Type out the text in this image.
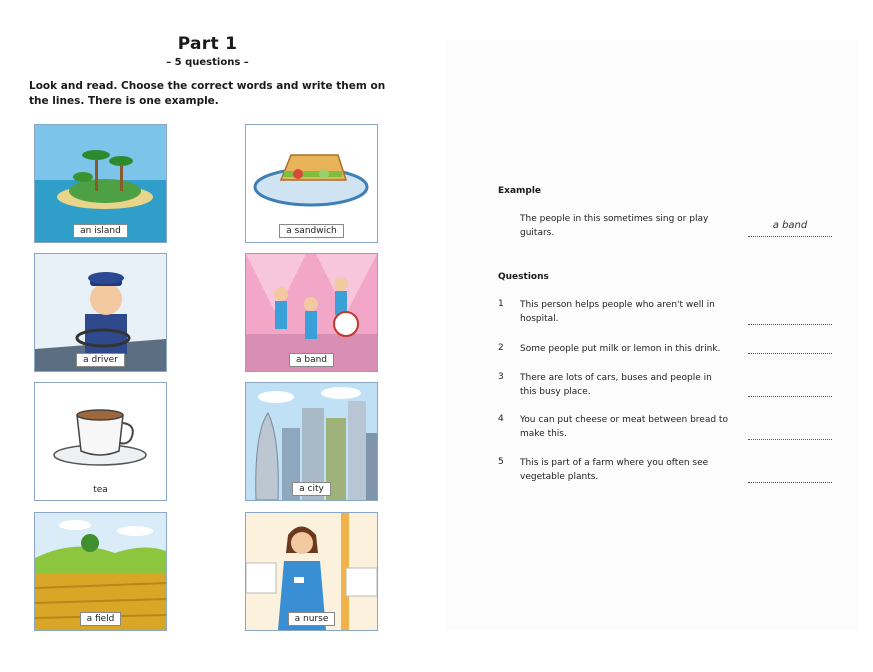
Part 1
– 5 questions –
Look and read. Choose the correct words and write them on the lines. There is one example.
an island	a sandwich
a driver	a band
tea	a city
a field	a nurse
Example
The people in this sometimes sing or play guitars.
a band
Questions
1 This person helps people who aren't well in hospital.
2 Some people put milk or lemon in this drink.
3 There are lots of cars, buses and people in this busy place.
4 You can put cheese or meat between bread to make this.
5 This is part of a farm where you often see vegetable plants.
